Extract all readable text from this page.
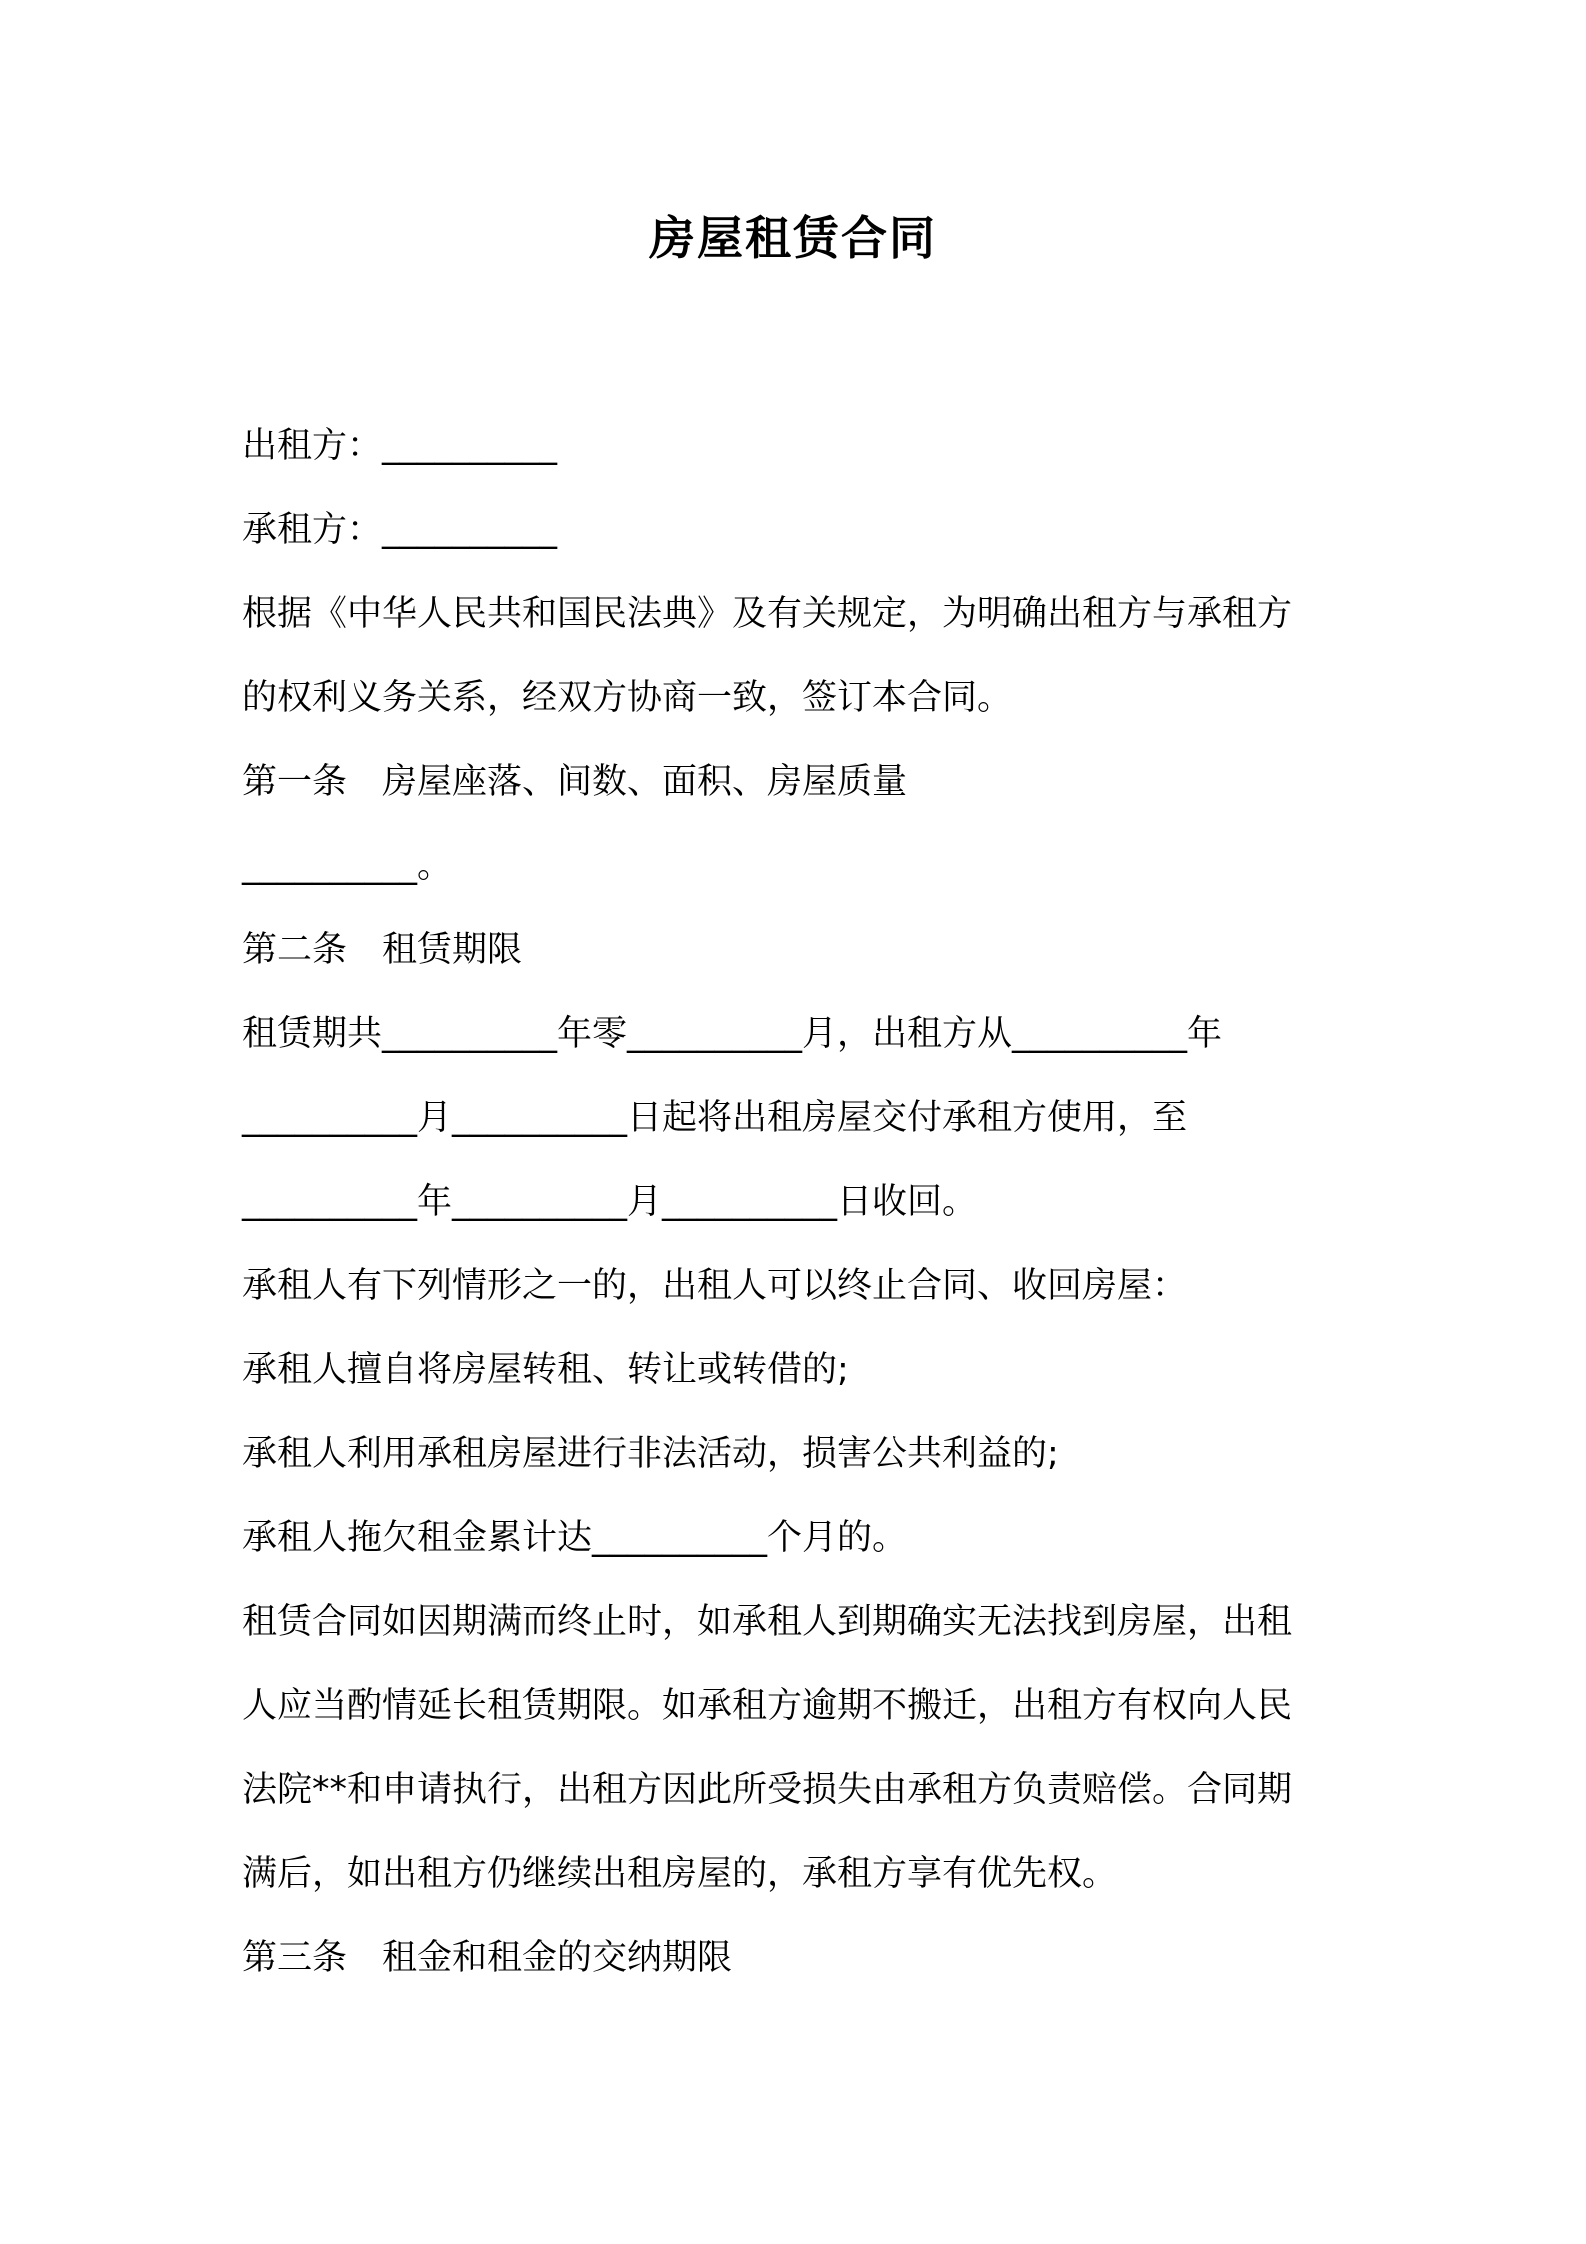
房屋租赁合同

出租方：__________

承租方：__________

根据《中华人民共和国民法典》及有关规定，为明确出租方与承租方

的权利义务关系，经双方协商一致，签订本合同。

第一条　房屋座落、间数、面积、房屋质量

__________。

第二条　租赁期限

租赁期共__________年零__________月，出租方从__________年

__________月__________日起将出租房屋交付承租方使用，至

__________年__________月__________日收回。

承租人有下列情形之一的，出租人可以终止合同、收回房屋：

承租人擅自将房屋转租、转让或转借的;

承租人利用承租房屋进行非法活动，损害公共利益的;

承租人拖欠租金累计达__________个月的。

租赁合同如因期满而终止时，如承租人到期确实无法找到房屋，出租

人应当酌情延长租赁期限。如承租方逾期不搬迁，出租方有权向人民

法院**和申请执行，出租方因此所受损失由承租方负责赔偿。合同期

满后，如出租方仍继续出租房屋的，承租方享有优先权。

第三条　租金和租金的交纳期限
